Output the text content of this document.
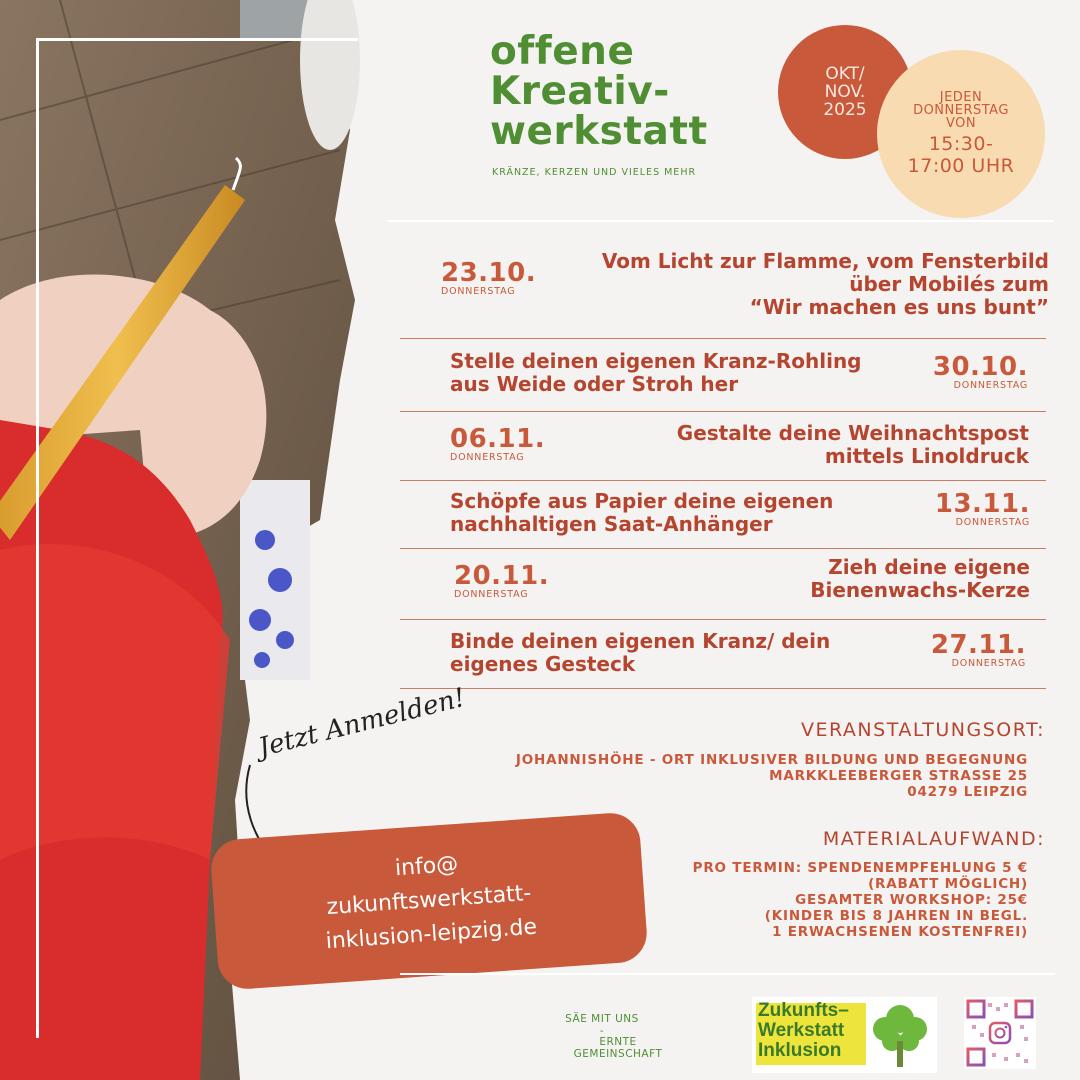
offene
Kreativ-
werkstatt
KRÄNZE, KERZEN UND VIELES MEHR
OKT/
NOV.
2025
JEDEN
DONNERSTAG
VON
15:30-
17:00 UHR
23.10.
DONNERSTAG
Vom Licht zur Flamme, vom Fensterbild
über Mobilés zum
“Wir machen es uns bunt”
Stelle deinen eigenen Kranz-Rohling
aus Weide oder Stroh her
30.10.
DONNERSTAG
06.11.
DONNERSTAG
Gestalte deine Weihnachtspost
mittels Linoldruck
Schöpfe aus Papier deine eigenen
nachhaltigen Saat-Anhänger
13.11.
DONNERSTAG
20.11.
DONNERSTAG
Zieh deine eigene
Bienenwachs-Kerze
Binde deinen eigenen Kranz/ dein
eigenes Gesteck
27.11.
DONNERSTAG
VERANSTALTUNGSORT:
JOHANNISHÖHE - ORT INKLUSIVER BILDUNG UND BEGEGNUNG
MARKKLEEBERGER STRASSE 25
04279 LEIPZIG
MATERIALAUFWAND:
PRO TERMIN: SPENDENEMPFEHLUNG 5 €
(RABATT MÖGLICH)
GESAMTER WORKSHOP: 25€
(KINDER BIS 8 JAHREN IN BEGL.
1 ERWACHSENEN KOSTENFREI)
Jetzt Anmelden!
info@
zukunftswerkstatt-
inklusion-leipzig.de
SÄE MIT UNS
-
ERNTE
GEMEINSCHAFT
Zukunfts–
Werkstatt
Inklusion
